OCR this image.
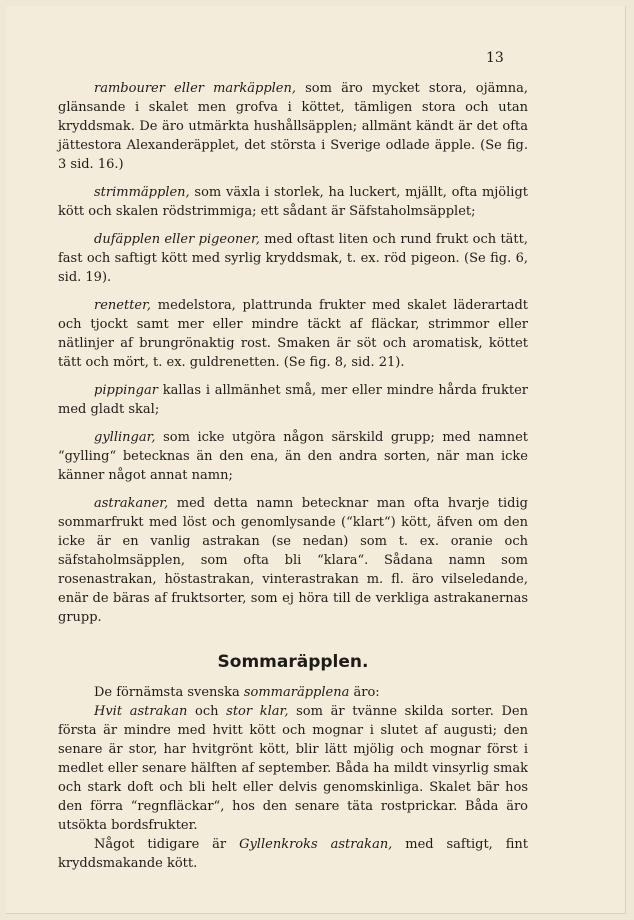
13

rambourer eller markäpplen, som äro mycket stora, ojämna, glänsande i skalet men grofva i köttet, tämligen stora och utan kryddsmak. De äro utmärkta hushållsäpplen; allmänt kändt är det ofta jättestora Alexanderäpplet, det största i Sverige odlade äpple. (Se fig. 3 sid. 16.)

strimmäpplen, som växla i storlek, ha luckert, mjällt, ofta mjöligt kött och skalen rödstrimmiga; ett sådant är Säfstaholmsäpplet;

dufäpplen eller pigeoner, med oftast liten och rund frukt och tätt, fast och saftigt kött med syrlig kryddsmak, t. ex. röd pigeon. (Se fig. 6, sid. 19).

renetter, medelstora, plattrunda frukter med skalet läderartadt och tjockt samt mer eller mindre täckt af fläckar, strimmor eller nätlinjer af brungrönaktig rost. Smaken är söt och aromatisk, köttet tätt och mört, t. ex. guldrenetten. (Se fig. 8, sid. 21).

pippingar kallas i allmänhet små, mer eller mindre hårda frukter med gladt skal;

gyllingar, som icke utgöra någon särskild grupp; med namnet “gylling“ betecknas än den ena, än den andra sorten, när man icke känner något annat namn;

astrakaner, med detta namn betecknar man ofta hvarje tidig sommarfrukt med löst och genomlysande (“klart“) kött, äfven om den icke är en vanlig astrakan (se nedan) som t. ex. oranie och säfstaholmsäpplen, som ofta bli “klara“. Sådana namn som rosenastrakan, höstastrakan, vinterastrakan m. fl. äro vilseledande, enär de bäras af fruktsorter, som ej höra till de verkliga astrakanernas grupp.

Sommaräpplen.

De förnämsta svenska sommaräpplena äro:

Hvit astrakan och stor klar, som är tvänne skilda sorter. Den första är mindre med hvitt kött och mognar i slutet af augusti; den senare är stor, har hvitgrönt kött, blir lätt mjölig och mognar först i medlet eller senare hälften af september. Båda ha mildt vinsyrlig smak och stark doft och bli helt eller delvis genomskinliga. Skalet bär hos den förra “regnfläckar“, hos den senare täta rostprickar. Båda äro utsökta bordsfrukter.

Något tidigare är Gyllenkroks astrakan, med saftigt, fint kryddsmakande kött.
